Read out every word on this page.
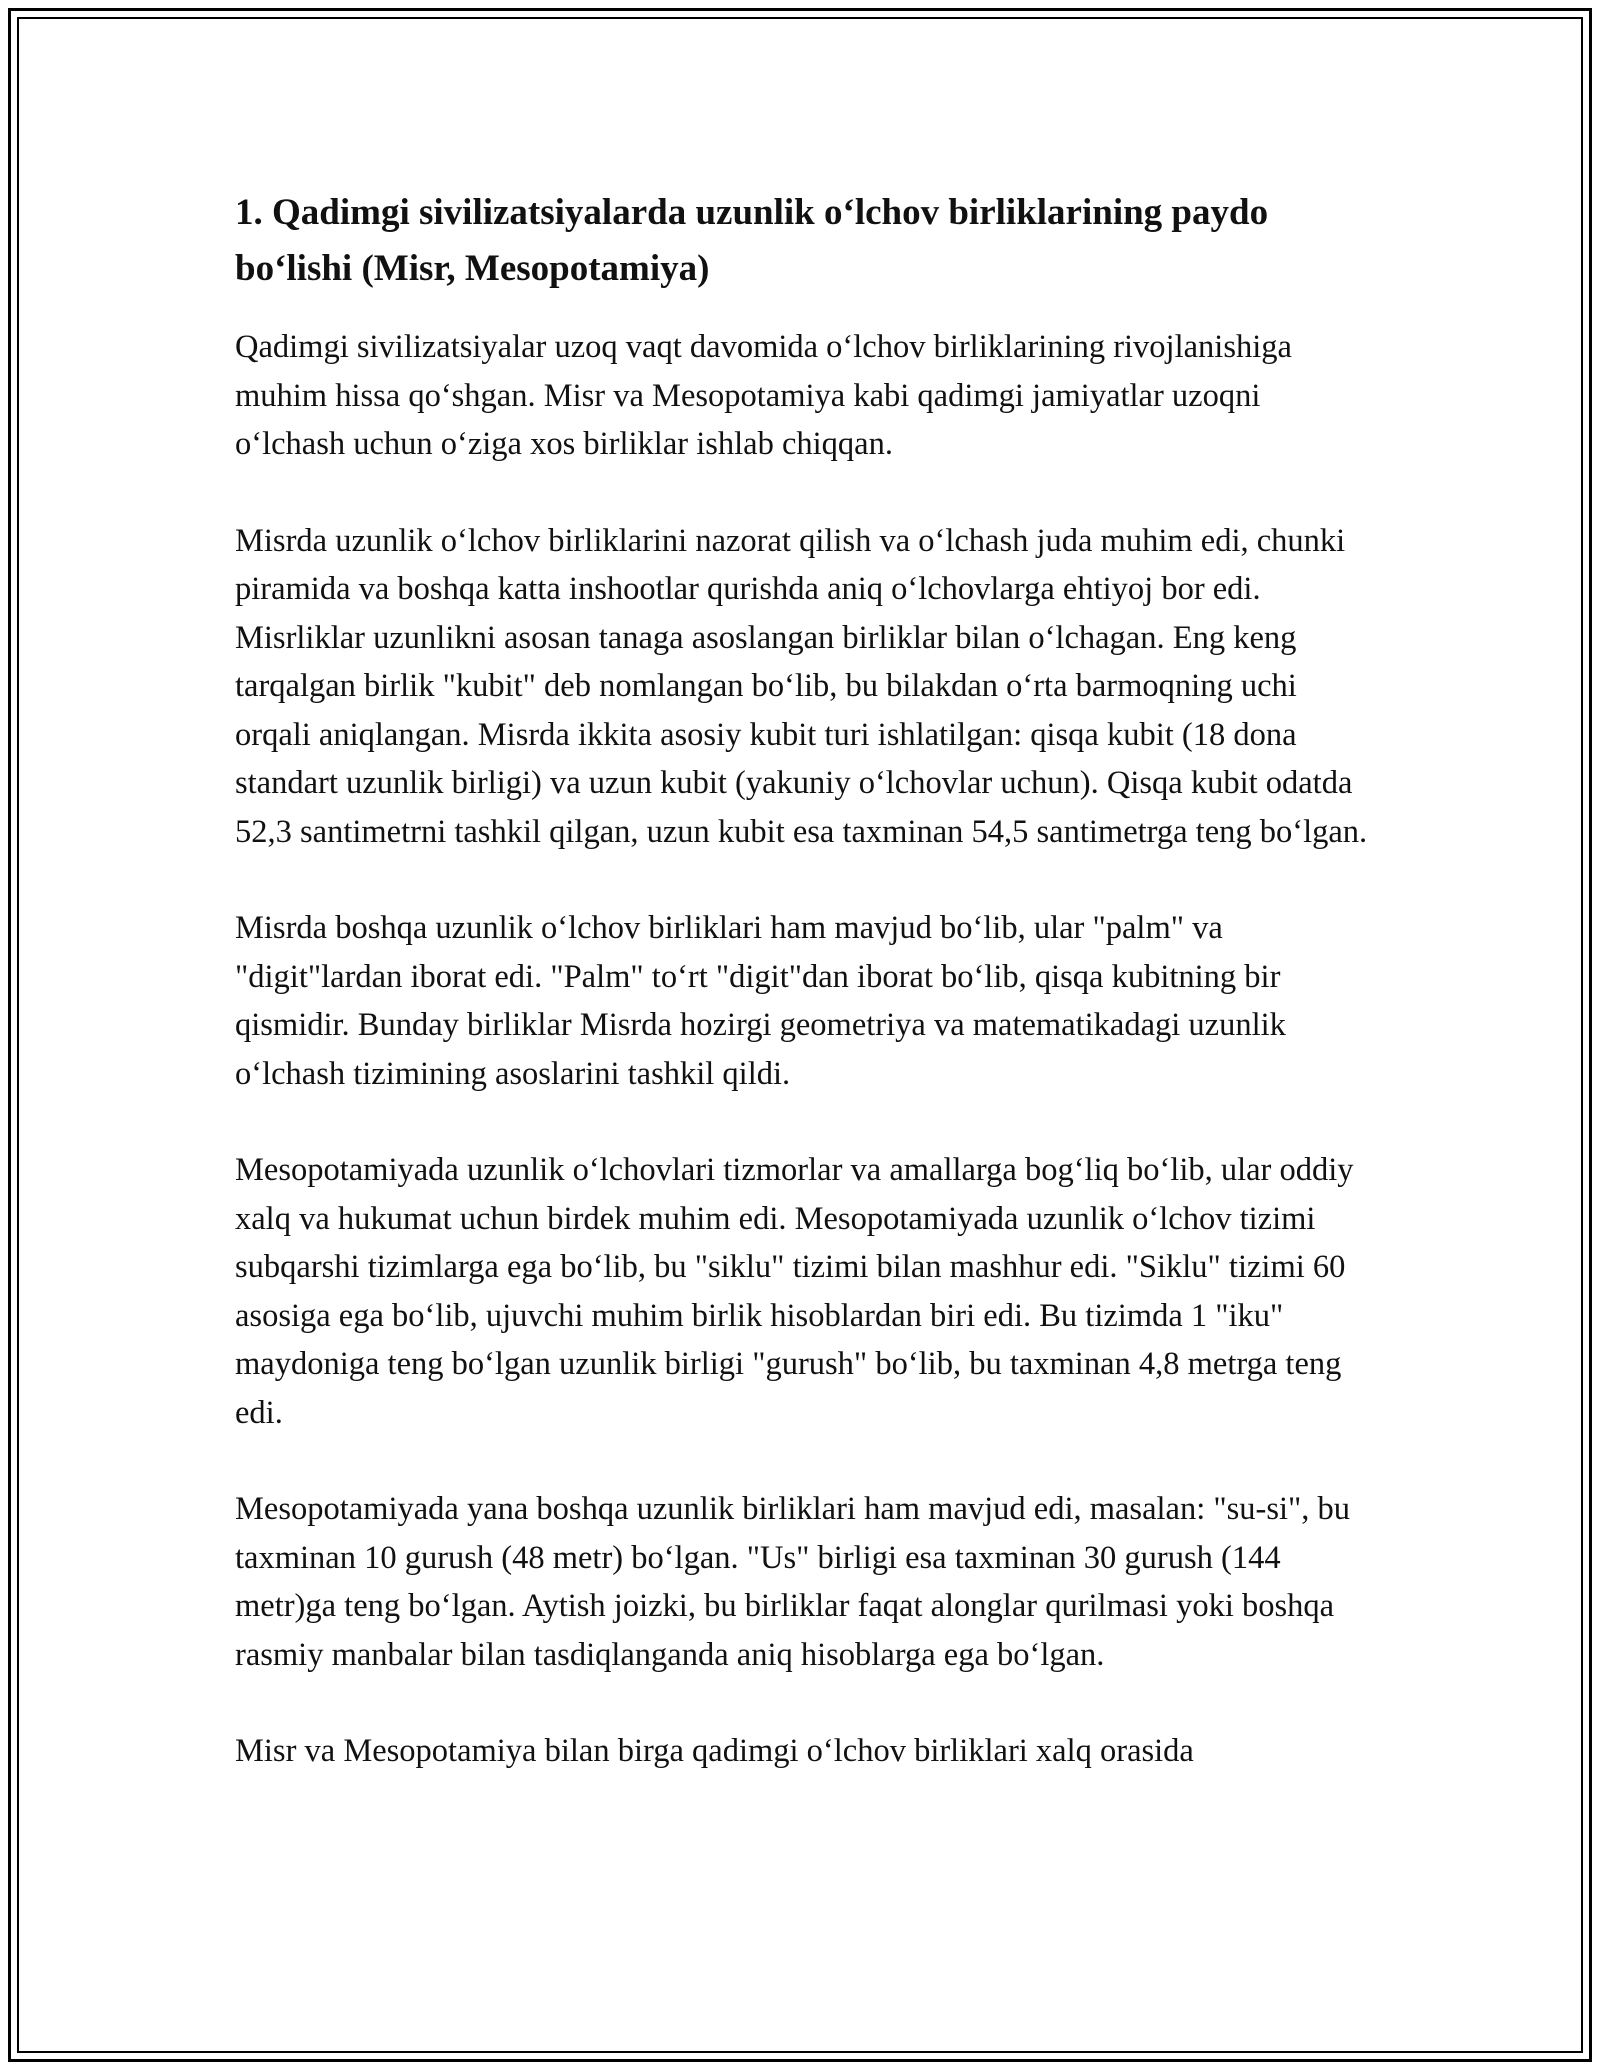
1. Qadimgi sivilizatsiyalarda uzunlik o‘lchov birliklarining paydo bo‘lishi (Misr, Mesopotamiya)

Qadimgi sivilizatsiyalar uzoq vaqt davomida o‘lchov birliklarining rivojlanishiga muhim hissa qo‘shgan. Misr va Mesopotamiya kabi qadimgi jamiyatlar uzoqni o‘lchash uchun o‘ziga xos birliklar ishlab chiqqan.

Misrda uzunlik o‘lchov birliklarini nazorat qilish va o‘lchash juda muhim edi, chunki piramida va boshqa katta inshootlar qurishda aniq o‘lchovlarga ehtiyoj bor edi. Misrliklar uzunlikni asosan tanaga asoslangan birliklar bilan o‘lchagan. Eng keng tarqalgan birlik "kubit" deb nomlangan bo‘lib, bu bilakdan o‘rta barmoqning uchi orqali aniqlangan. Misrda ikkita asosiy kubit turi ishlatilgan: qisqa kubit (18 dona standart uzunlik birligi) va uzun kubit (yakuniy o‘lchovlar uchun). Qisqa kubit odatda 52,3 santimetrni tashkil qilgan, uzun kubit esa taxminan 54,5 santimetrga teng bo‘lgan.

Misrda boshqa uzunlik o‘lchov birliklari ham mavjud bo‘lib, ular "palm" va "digit"lardan iborat edi. "Palm" to‘rt "digit"dan iborat bo‘lib, qisqa kubitning bir qismidir. Bunday birliklar Misrda hozirgi geometriya va matematikadagi uzunlik o‘lchash tizimining asoslarini tashkil qildi.

Mesopotamiyada uzunlik o‘lchovlari tizmorlar va amallarga bog‘liq bo‘lib, ular oddiy xalq va hukumat uchun birdek muhim edi. Mesopotamiyada uzunlik o‘lchov tizimi subqarshi tizimlarga ega bo‘lib, bu "siklu" tizimi bilan mashhur edi. "Siklu" tizimi 60 asosiga ega bo‘lib, ujuvchi muhim birlik hisoblardan biri edi. Bu tizimda 1 "iku" maydoniga teng bo‘lgan uzunlik birligi "gurush" bo‘lib, bu taxminan 4,8 metrga teng edi.

Mesopotamiyada yana boshqa uzunlik birliklari ham mavjud edi, masalan: "su-si", bu taxminan 10 gurush (48 metr) bo‘lgan. "Us" birligi esa taxminan 30 gurush (144 metr)ga teng bo‘lgan. Aytish joizki, bu birliklar faqat alonglar qurilmasi yoki boshqa rasmiy manbalar bilan tasdiqlanganda aniq hisoblarga ega bo‘lgan.

Misr va Mesopotamiya bilan birga qadimgi o‘lchov birliklari xalq orasida
